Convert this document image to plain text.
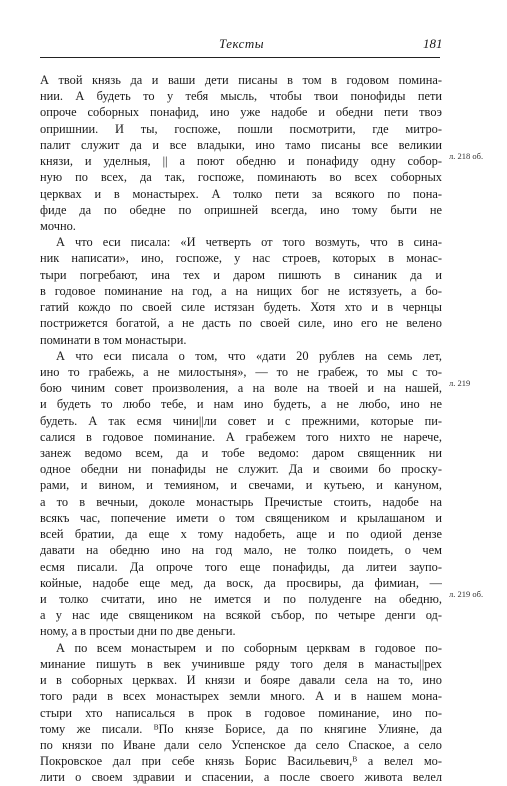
Тексты	181
А твой князь да и ваши дети писаны в том в годовом помина-
нии. А будеть то у тебя мысль, чтобы твои понофиды пети
опроче соборных понафид, ино уже надобе и обедни пети твоэ
опришнии. И ты, госпоже, пошли посмотрити, где митро-
палит служит да и все владыки, ино тамо писаны все великии
князи, и уделныя, || а поют обедню и понафиду одну собор-
ную по всех, да так, госпоже, поминають во всех соборных
церквах и в монастырех. А толко пети за всякого по пона-
фиде да по обедне по опришней всегда, ино тому быти не
мочно.
А что еси писала: «И четверть от того возмуть, что в сина-
ник написати», ино, госпоже, у нас строев, которых в монас-
тыри погребают, ина тех и даром пишють в синаник да и
в годовое поминание на год, а на нищих бог не истязуеть, а бо-
гатий кождо по своей силе истязан будеть. Хотя хто и в чернцы
пострижется богатой, а не дасть по своей силе, ино его не велено
поминати в том монастыри.
А что еси писала о том, что «дати 20 рублев на семь лет,
ино то грабежь, а не милостыня», — то не грабеж, то мы с то-
бою чиним совет произволения, а на воле на твоей и на нашей,
и будеть то любо тебе, и нам ино будеть, а не любо, ино не
будеть. А так есмя чини||ли совет и с прежними, которые пи-
салися в годовое поминание. А грабежем того нихто не нарече,
занеж ведомо всем, да и тобе ведомо: даром священник ни
одное обедни ни понафиды не служит. Да и своими бо проску-
рами, и вином, и темияном, и свечами, и кутьею, и кануном,
а то в вечныи, доколе монастырь Пречистые стоить, надобе на
всякъ час, попечение имети о том священиком и крылашаном и
всей братии, да еще х тому надобеть, аще и по одиой дензе
давати на обедню ино на год мало, не толко поидеть, о чем
есмя писали. Да опроче того еще понафиды, да литеи заупо-
койные, надобе еще мед, да воск, да просвиры, да фимиан, —
и толко считати, ино не имется и по полуденге на обедню,
а у нас иде священиком на всякой събор, по четыре денги од-
ному, а в простыи дни по две деньги.
А по всем монастырем и по соборным церквам в годовое по-
минание пишуть в век учинивше ряду того деля в манасты||рех
и в соборных церквах. И князи и бояре давали села на то, ино
того ради в всех монастырех земли много. А и в нашем мона-
стыри хто написалься в прок в годовое поминание, ино по-
тому же писали. ᴮПо князе Борисе, да по княгине Улияне, да
по князи по Иване дали село Успенское да село Спаское, а село
Покровское дал при себе князь Борис Васильевич,ᴮ а велел мо-
лити о своем здравии и спасении, а после своего живота велел
л. 218 об.
л. 219
л. 219 об.
